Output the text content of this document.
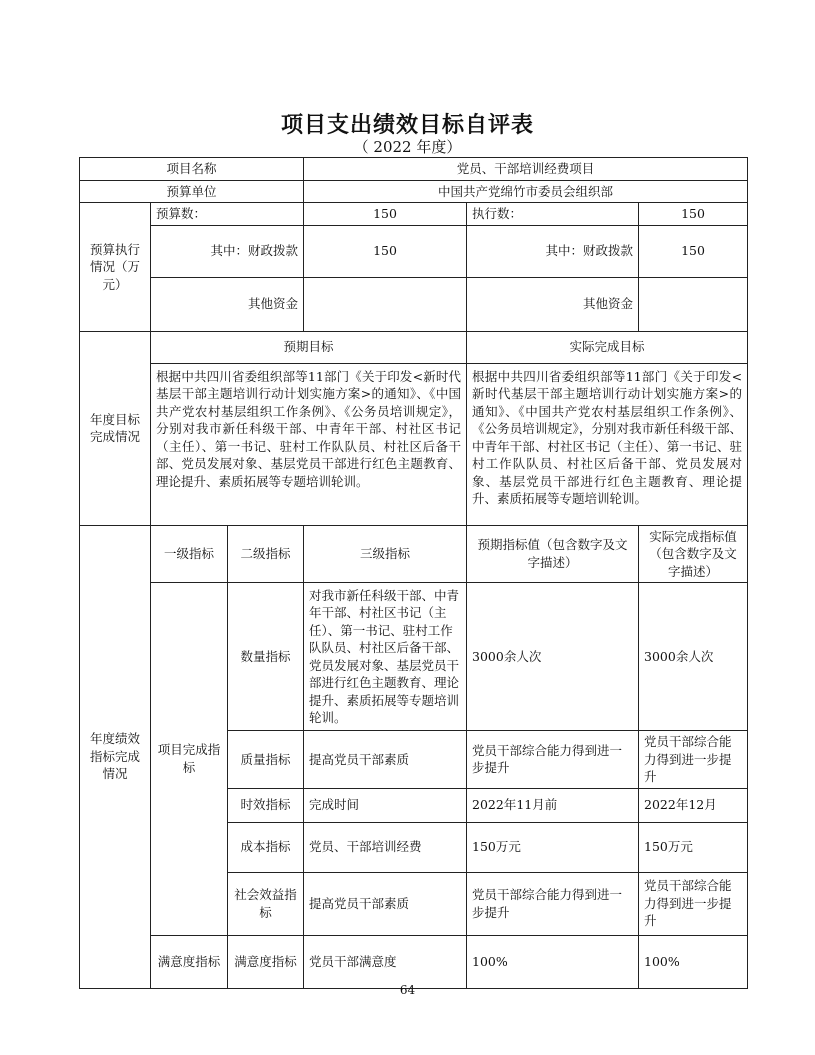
项目支出绩效目标自评表
（ 2022 年度）
项目名称			党员、干部培训经费项目		
预算单位			中国共产党绵竹市委员会组织部		
预算执行情况（万元）	预算数：		150	执行数：	150
	其中：财政拨款		150	其中：财政拨款	150
	其他资金			其他资金	
年度目标完成情况	预期目标			实际完成目标	
	根据中共四川省委组织部等11部门《关于印发<新时代基层干部主题培训行动计划实施方案>的通知》、《中国共产党农村基层组织工作条例》、《公务员培训规定》，分别对我市新任科级干部、中青年干部、村社区书记（主任）、第一书记、驻村工作队队员、村社区后备干部、党员发展对象、基层党员干部进行红色主题教育、理论提升、素质拓展等专题培训轮训。			根据中共四川省委组织部等11部门《关于印发<新时代基层干部主题培训行动计划实施方案>的通知》、《中国共产党农村基层组织工作条例》、《公务员培训规定》，分别对我市新任科级干部、中青年干部、村社区书记（主任）、第一书记、驻村工作队队员、村社区后备干部、党员发展对象、基层党员干部进行红色主题教育、理论提升、素质拓展等专题培训轮训。	
年度绩效指标完成情况	一级指标	二级指标	三级指标	预期指标值（包含数字及文字描述）	实际完成指标值（包含数字及文字描述）
	项目完成指标	数量指标	对我市新任科级干部、中青年干部、村社区书记（主任）、第一书记、驻村工作队队员、村社区后备干部、党员发展对象、基层党员干部进行红色主题教育、理论提升、素质拓展等专题培训轮训。	3000余人次	3000余人次
		质量指标	提高党员干部素质	党员干部综合能力得到进一步提升	党员干部综合能力得到进一步提升
		时效指标	完成时间	2022年11月前	2022年12月
		成本指标	党员、干部培训经费	150万元	150万元
		社会效益指标	提高党员干部素质	党员干部综合能力得到进一步提升	党员干部综合能力得到进一步提升
	满意度指标	满意度指标	党员干部满意度	100%	100%
64
